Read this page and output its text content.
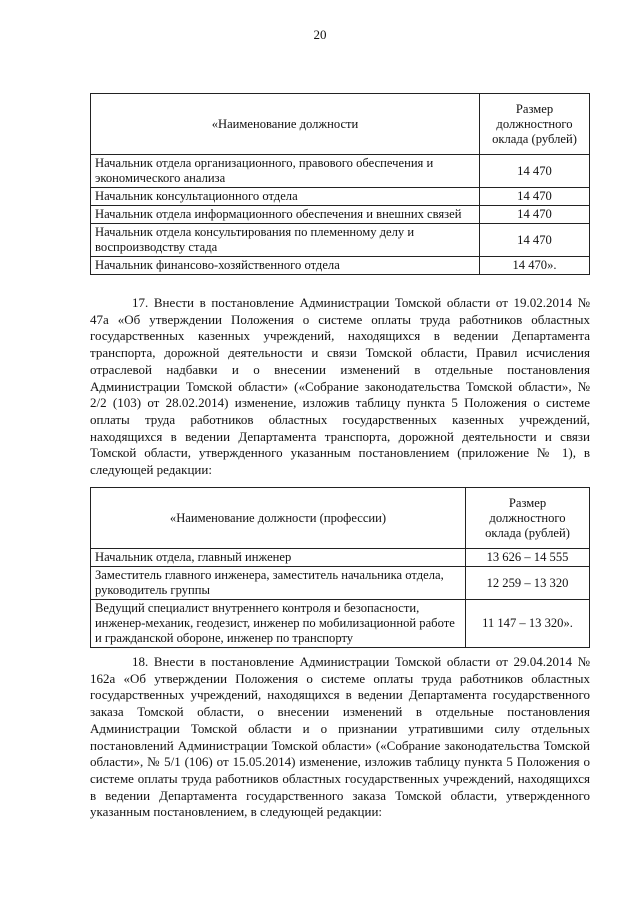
20
«Наименование должности	Размер должностного оклада (рублей)
Начальник отдела организационного, правового обеспечения и экономического анализа	14 470
Начальник консультационного отдела	14 470
Начальник отдела информационного обеспечения и внешних связей	14 470
Начальник отдела консультирования по племенному делу и воспроизводству стада	14 470
Начальник финансово-хозяйственного отдела	14 470».

17. Внести в постановление Администрации Томской области от 19.02.2014 № 47а «Об утверждении Положения о системе оплаты труда работников областных государственных казенных учреждений, находящихся в ведении Департамента транспорта, дорожной деятельности и связи Томской области, Правил исчисления отраслевой надбавки и о внесении изменений в отдельные постановления Администрации Томской области» («Собрание законодательства Томской области», № 2/2 (103) от 28.02.2014) изменение, изложив таблицу пункта 5 Положения о системе оплаты труда работников областных государственных казенных учреждений, находящихся в ведении Департамента транспорта, дорожной деятельности и связи Томской области, утвержденного указанным постановлением (приложение № 1), в следующей редакции:

«Наименование должности (профессии)	Размер должностного оклада (рублей)
Начальник отдела, главный инженер	13 626 – 14 555
Заместитель главного инженера, заместитель начальника отдела, руководитель группы	12 259 – 13 320
Ведущий специалист внутреннего контроля и безопасности, инженер-механик, геодезист, инженер по мобилизационной работе и гражданской обороне, инженер по транспорту	11 147 – 13 320».

18. Внести в постановление Администрации Томской области от 29.04.2014 № 162а «Об утверждении Положения о системе оплаты труда работников областных государственных учреждений, находящихся в ведении Департамента государственного заказа Томской области, о внесении изменений в отдельные постановления Администрации Томской области и о признании утратившими силу отдельных постановлений Администрации Томской области» («Собрание законодательства Томской области», № 5/1 (106) от 15.05.2014) изменение, изложив таблицу пункта 5 Положения о системе оплаты труда работников областных государственных учреждений, находящихся в ведении Департамента государственного заказа Томской области, утвержденного указанным постановлением, в следующей редакции:
